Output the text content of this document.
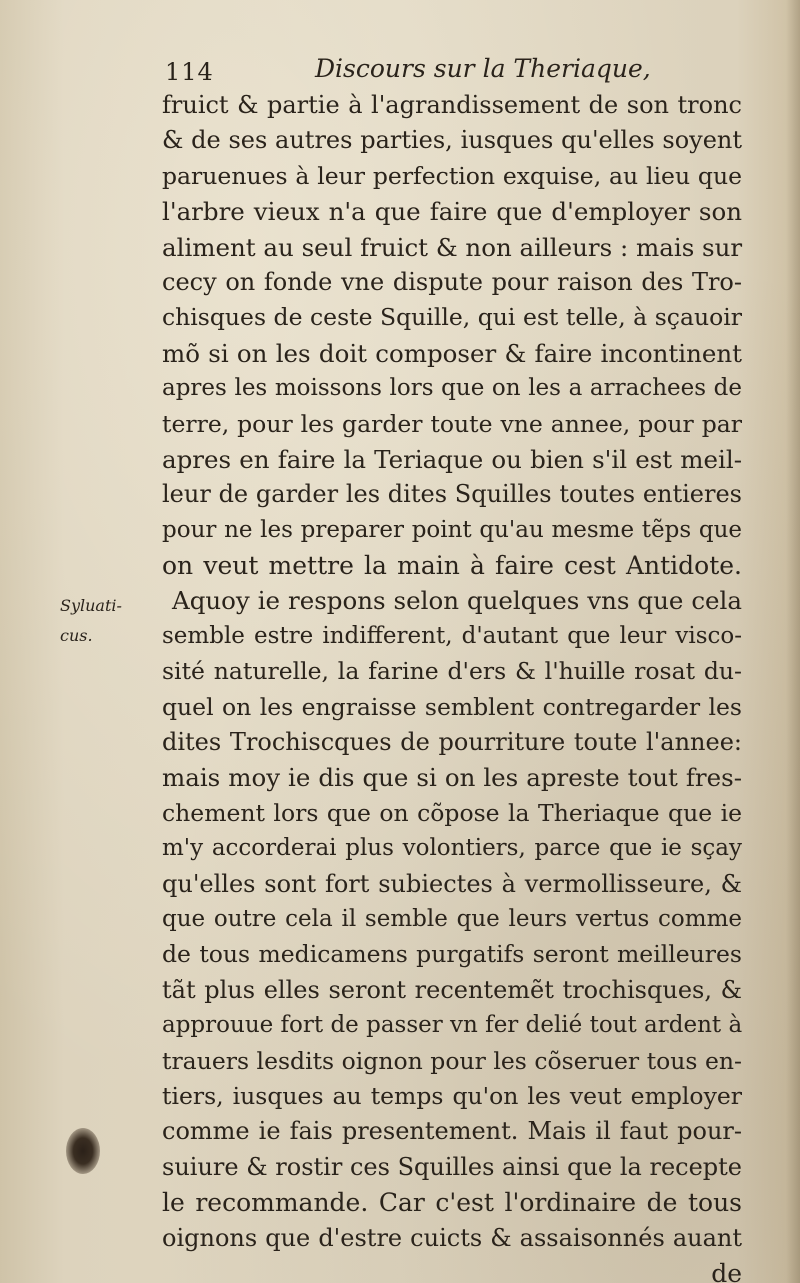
114	Discours sur la Theriaque,
Syluati-
cus.
fruict & partie à l'agrandissement de son tronc
& de ses autres parties, iusques qu'elles soyent
paruenues à leur perfection exquise, au lieu que
l'arbre vieux n'a que faire que d'employer son
aliment au seul fruict & non ailleurs : mais sur
cecy on fonde vne dispute pour raison des Tro-
chisques de ceste Squille, qui est telle, à sçauoir
mõ si on les doit composer & faire incontinent
apres les moissons lors que on les a arrachees de
terre, pour les garder toute vne annee, pour par
apres en faire la Teriaque ou bien s'il est meil-
leur de garder les dites Squilles toutes entieres
pour ne les preparer point qu'au mesme tẽps que
on veut mettre la main à faire cest Antidote.
Aquoy ie respons selon quelques vns que cela
semble estre indifferent, d'autant que leur visco-
sité naturelle, la farine d'ers & l'huille rosat du-
quel on les engraisse semblent contregarder les
dites Trochiscques de pourriture toute l'annee:
mais moy ie dis que si on les apreste tout fres-
chement lors que on cõpose la Theriaque que ie
m'y accorderai plus volontiers, parce que ie sçay
qu'elles sont fort subiectes à vermollisseure, &
que outre cela il semble que leurs vertus comme
de tous medicamens purgatifs seront meilleures
tãt plus elles seront recentemẽt trochisques, &
approuue fort de passer vn fer delié tout ardent à
trauers lesdits oignon pour les cõseruer tous en-
tiers, iusques au temps qu'on les veut employer
comme ie fais presentement. Mais il faut pour-
suiure & rostir ces Squilles ainsi que la recepte
le recommande. Car c'est l'ordinaire de tous
oignons que d'estre cuicts & assaisonnés auant
de
